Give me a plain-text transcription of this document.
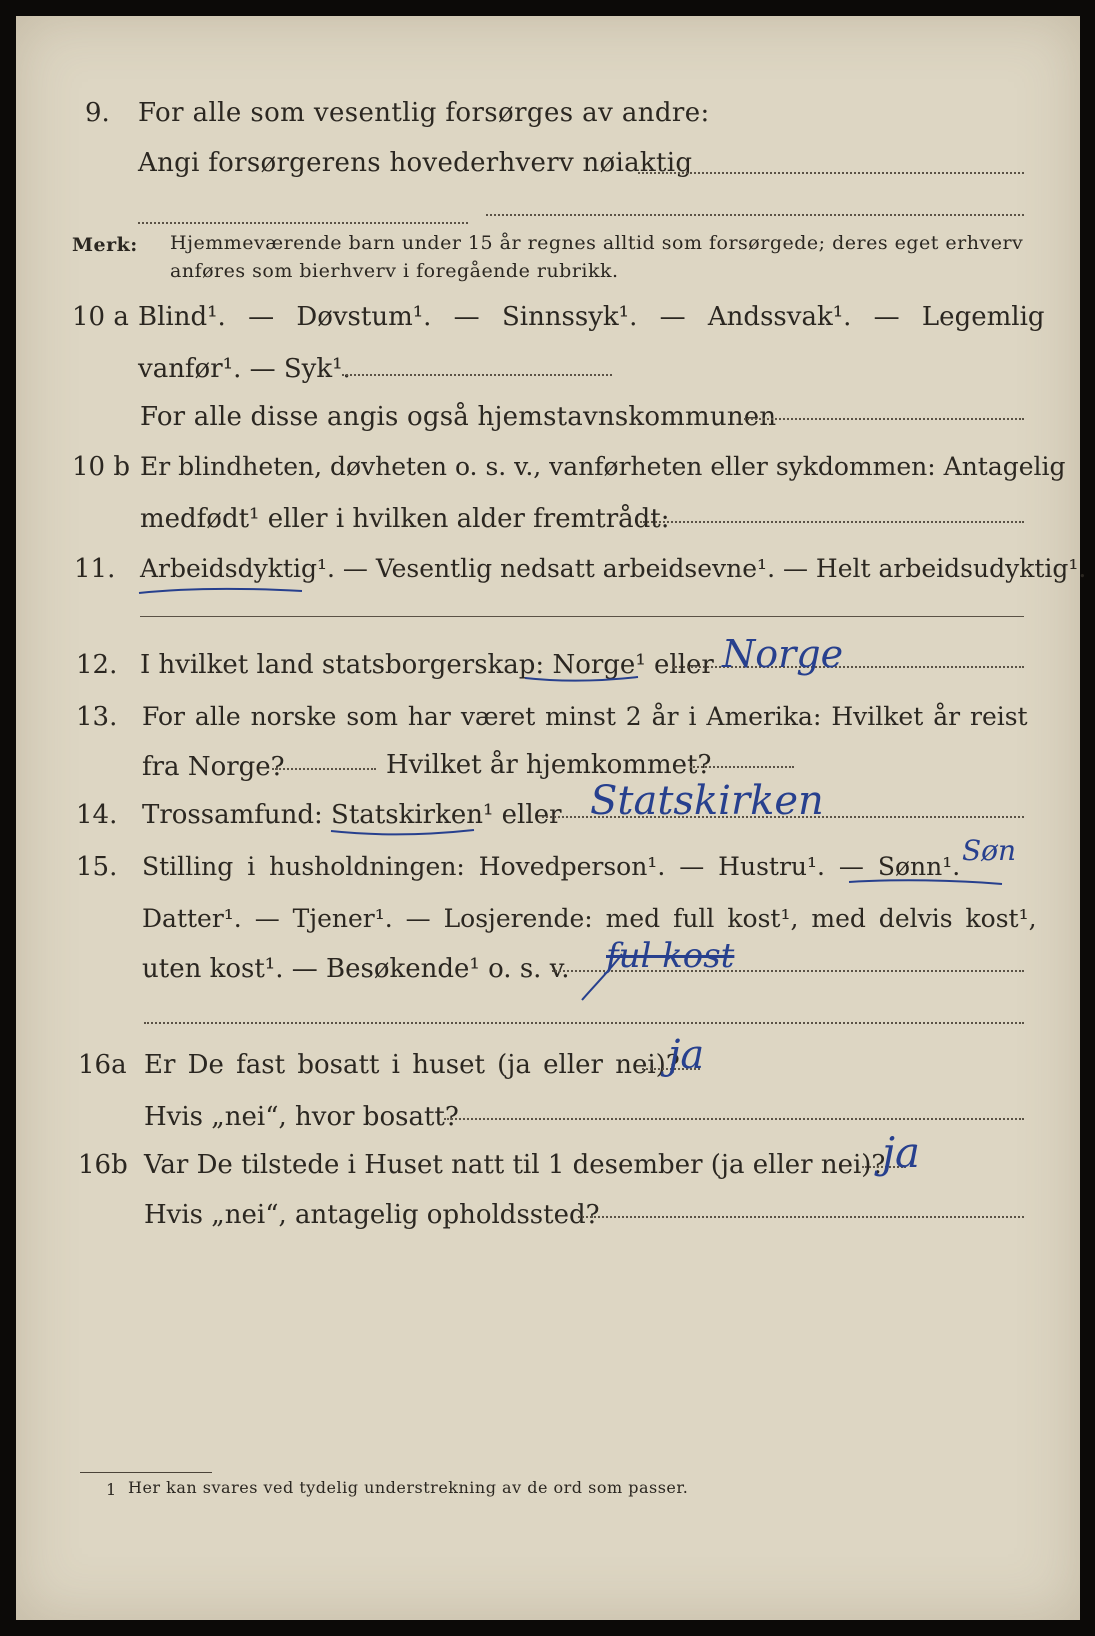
9. For alle som vesentlig forsørges av andre:
Angi forsørgerens hovederhverv nøiaktig
Merk: Hjemmeværende barn under 15 år regnes alltid som forsørgede; deres eget erhverv
anføres som bierhverv i foregående rubrikk.
10 a Blind¹. — Døvstum¹. — Sinnssyk¹. — Andssvak¹. — Legemlig
vanfør¹. — Syk¹.
For alle disse angis også hjemstavnskommunen
10 b Er blindheten, døvheten o. s. v., vanførheten eller sykdommen: Antagelig
medfødt¹ eller i hvilken alder fremtrådt:
11. Arbeidsdyktig¹. — Vesentlig nedsatt arbeidsevne¹. — Helt arbeidsudyktig¹.
12. I hvilket land statsborgerskap: Norge¹ eller Norge
13. For alle norske som har været minst 2 år i Amerika: Hvilket år reist
fra Norge?	Hvilket år hjemkommet?
14. Trossamfund: Statskirken¹ eller Statskirken
15. Stilling i husholdningen: Hovedperson¹. — Hustru¹. — Sønn¹. Søn
Datter¹. — Tjener¹. — Losjerende: med full kost¹, med delvis kost¹,
uten kost¹. — Besøkende¹ o. s. v. ful kost
16a Er De fast bosatt i huset (ja eller nei)?
ja
Hvis „nei“, hvor bosatt?
16b Var De tilstede i Huset natt til 1 desember (ja eller nei)?
ja
Hvis „nei“, antagelig opholdssted?
1 Her kan svares ved tydelig understrekning av de ord som passer.
